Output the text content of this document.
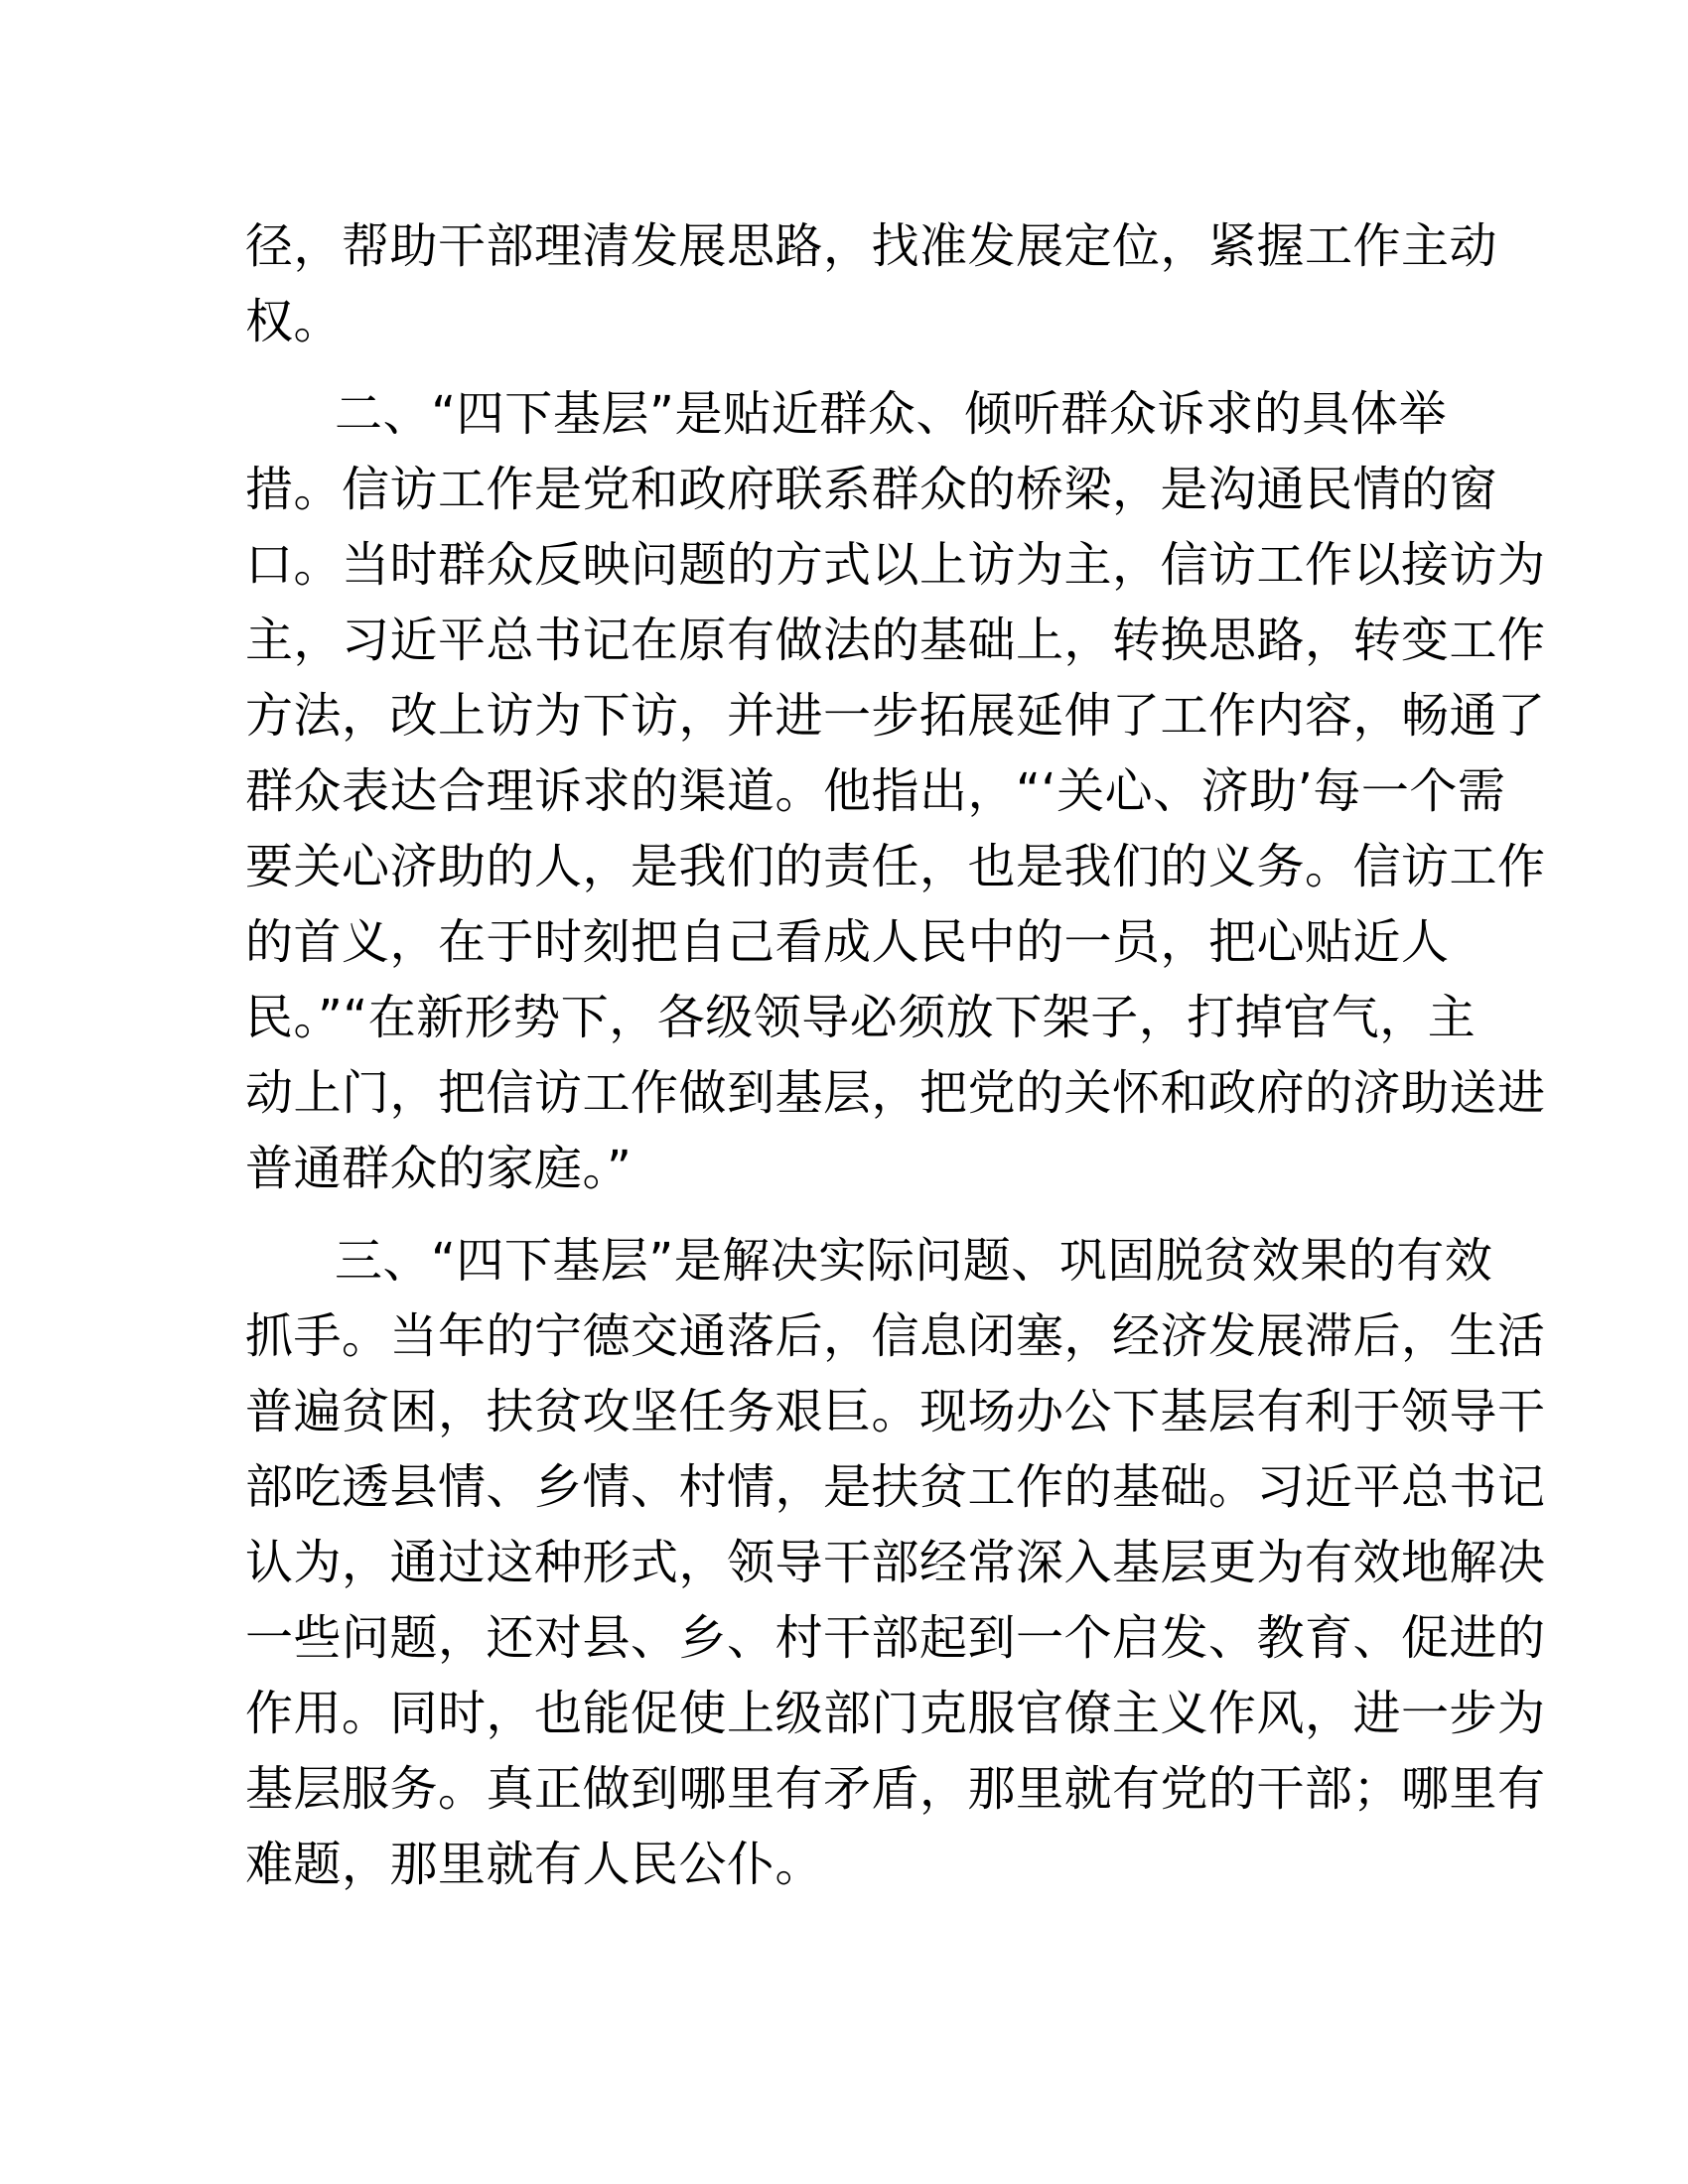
径，帮助干部理清发展思路，找准发展定位，紧握工作主动
权。
二、“四下基层”是贴近群众、倾听群众诉求的具体举
措。信访工作是党和政府联系群众的桥梁，是沟通民情的窗
口。当时群众反映问题的方式以上访为主，信访工作以接访为
主，习近平总书记在原有做法的基础上，转换思路，转变工作
方法，改上访为下访，并进一步拓展延伸了工作内容，畅通了
群众表达合理诉求的渠道。他指出，“‘关心、济助’每一个需
要关心济助的人，是我们的责任，也是我们的义务。信访工作
的首义，在于时刻把自己看成人民中的一员，把心贴近人
民。”“在新形势下，各级领导必须放下架子，打掉官气，主
动上门，把信访工作做到基层，把党的关怀和政府的济助送进
普通群众的家庭。”
三、“四下基层”是解决实际问题、巩固脱贫效果的有效
抓手。当年的宁德交通落后，信息闭塞，经济发展滞后，生活
普遍贫困，扶贫攻坚任务艰巨。现场办公下基层有利于领导干
部吃透县情、乡情、村情，是扶贫工作的基础。习近平总书记
认为，通过这种形式，领导干部经常深入基层更为有效地解决
一些问题，还对县、乡、村干部起到一个启发、教育、促进的
作用。同时，也能促使上级部门克服官僚主义作风，进一步为
基层服务。真正做到哪里有矛盾，那里就有党的干部；哪里有
难题，那里就有人民公仆。
